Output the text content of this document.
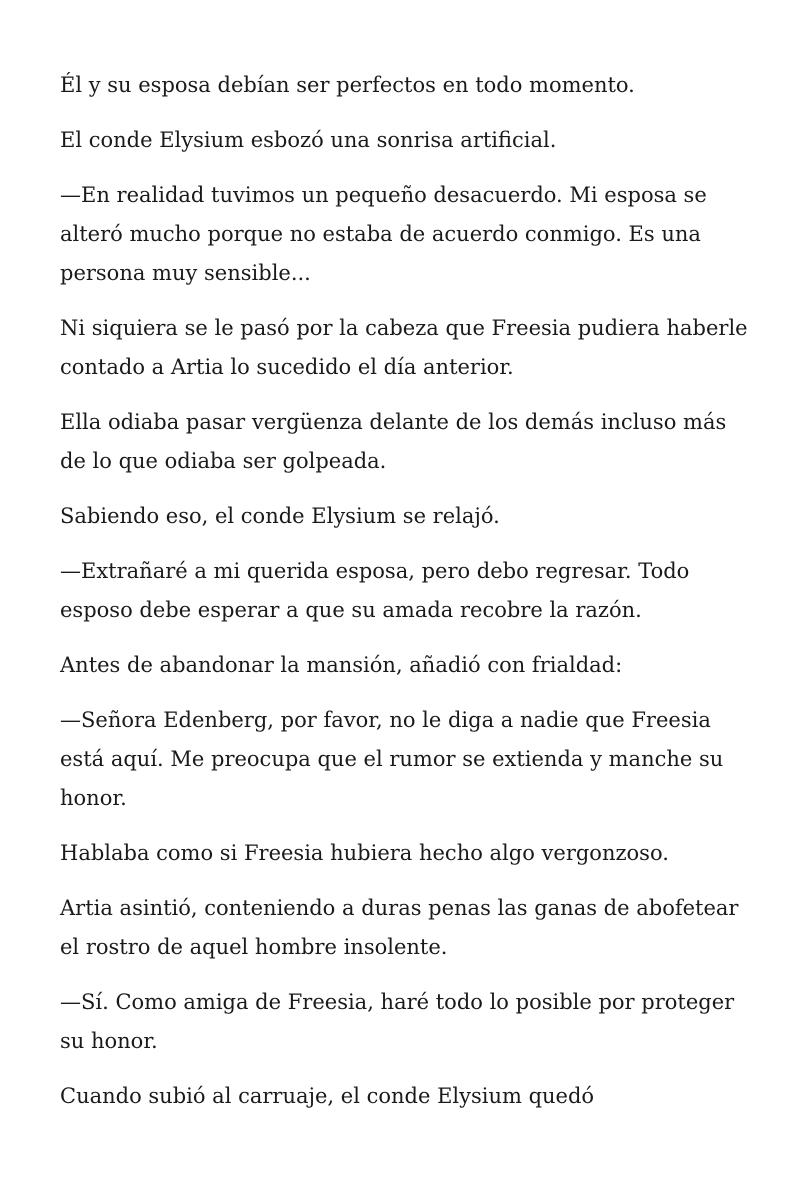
Él y su esposa debían ser perfectos en todo momento.

El conde Elysium esbozó una sonrisa artificial.

—En realidad tuvimos un pequeño desacuerdo. Mi esposa se alteró mucho porque no estaba de acuerdo conmigo. Es una persona muy sensible...

Ni siquiera se le pasó por la cabeza que Freesia pudiera haberle contado a Artia lo sucedido el día anterior.

Ella odiaba pasar vergüenza delante de los demás incluso más de lo que odiaba ser golpeada.

Sabiendo eso, el conde Elysium se relajó.

—Extrañaré a mi querida esposa, pero debo regresar. Todo esposo debe esperar a que su amada recobre la razón.

Antes de abandonar la mansión, añadió con frialdad:

—Señora Edenberg, por favor, no le diga a nadie que Freesia está aquí. Me preocupa que el rumor se extienda y manche su honor.

Hablaba como si Freesia hubiera hecho algo vergonzoso.

Artia asintió, conteniendo a duras penas las ganas de abofetear el rostro de aquel hombre insolente.

—Sí. Como amiga de Freesia, haré todo lo posible por proteger su honor.

Cuando subió al carruaje, el conde Elysium quedó
